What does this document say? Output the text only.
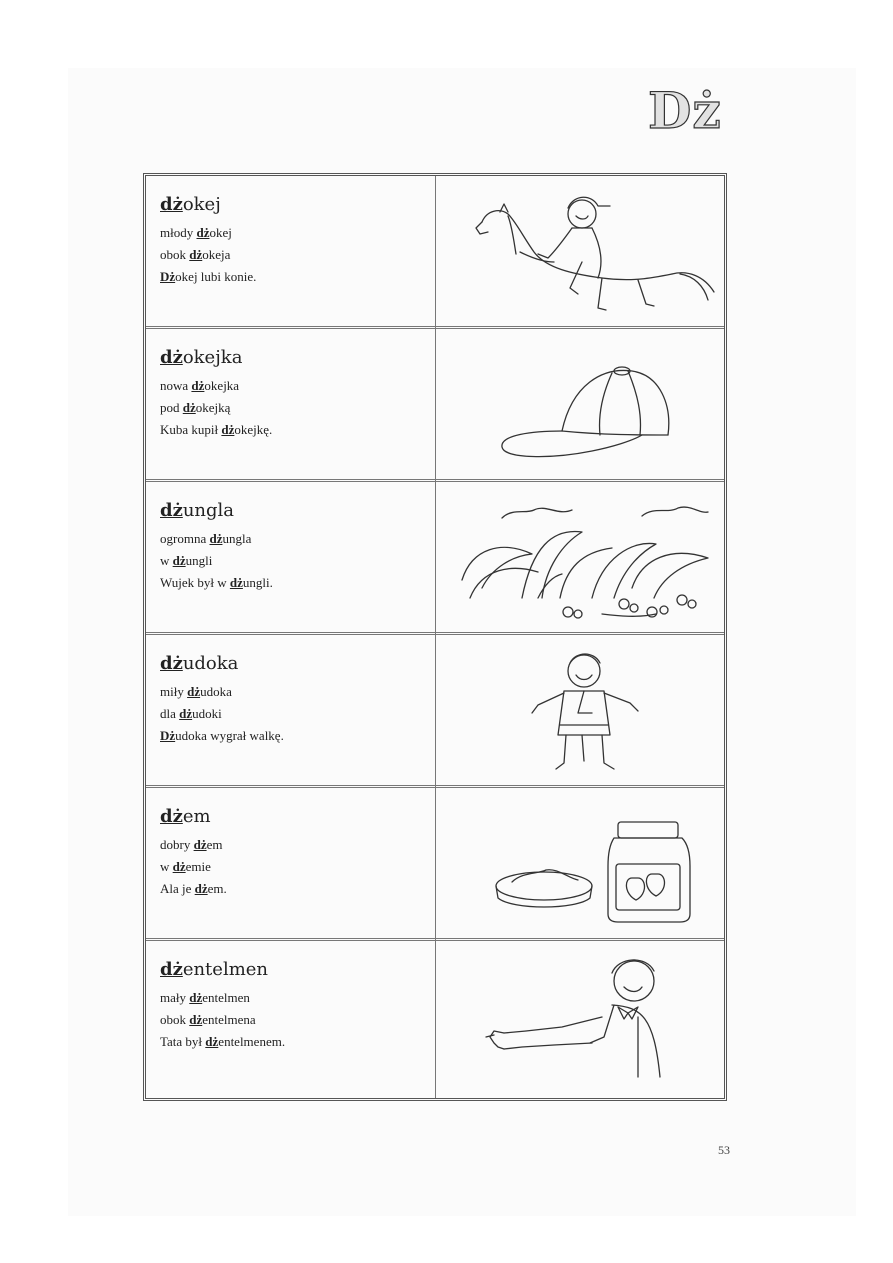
Dż
dżokej
młody dżokej
obok dżokeja
Dżokej lubi konie.
dżokejka
nowa dżokejka
pod dżokejką
Kuba kupił dżokejkę.
dżungla
ogromna dżungla
w dżungli
Wujek był w dżungli.
dżudoka
miły dżudoka
dla dżudoki
Dżudoka wygrał walkę.
dżem
dobry dżem
w dżemie
Ala je dżem.
dżentelmen
mały dżentelmen
obok dżentelmena
Tata był dżentelmenem.
53
